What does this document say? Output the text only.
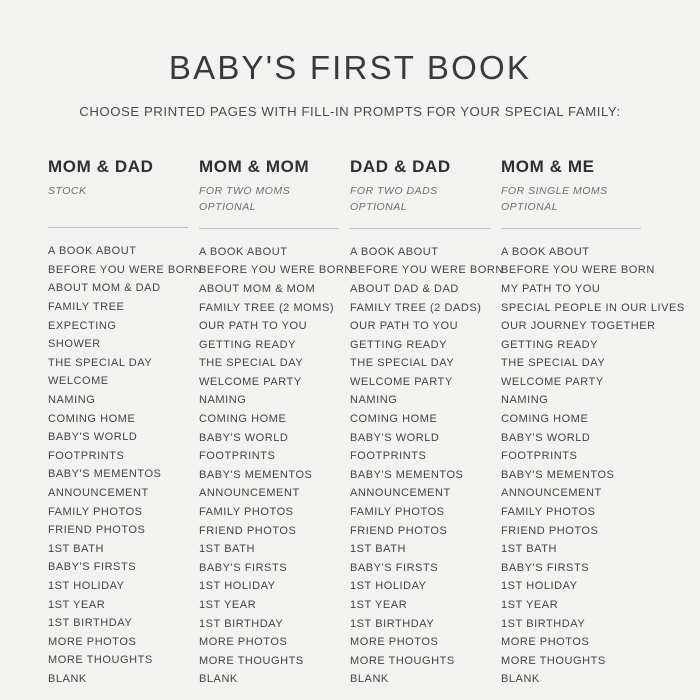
BABY'S FIRST BOOK
CHOOSE PRINTED PAGES WITH FILL-IN PROMPTS FOR YOUR SPECIAL FAMILY:
MOM & DAD
STOCK
A BOOK ABOUT
BEFORE YOU WERE BORN
ABOUT MOM & DAD
FAMILY TREE
EXPECTING
SHOWER
THE SPECIAL DAY
WELCOME
NAMING
COMING HOME
BABY'S WORLD
FOOTPRINTS
BABY'S MEMENTOS
ANNOUNCEMENT
FAMILY PHOTOS
FRIEND PHOTOS
1ST BATH
BABY'S FIRSTS
1ST HOLIDAY
1ST YEAR
1ST BIRTHDAY
MORE PHOTOS
MORE THOUGHTS
BLANK
MOM & MOM
FOR TWO MOMS
OPTIONAL
A BOOK ABOUT
BEFORE YOU WERE BORN
ABOUT MOM & MOM
FAMILY TREE (2 MOMS)
OUR PATH TO YOU
GETTING READY
THE SPECIAL DAY
WELCOME PARTY
NAMING
COMING HOME
BABY'S WORLD
FOOTPRINTS
BABY'S MEMENTOS
ANNOUNCEMENT
FAMILY PHOTOS
FRIEND PHOTOS
1ST BATH
BABY'S FIRSTS
1ST HOLIDAY
1ST YEAR
1ST BIRTHDAY
MORE PHOTOS
MORE THOUGHTS
BLANK
DAD & DAD
FOR TWO DADS
OPTIONAL
A BOOK ABOUT
BEFORE YOU WERE BORN
ABOUT DAD & DAD
FAMILY TREE (2 DADS)
OUR PATH TO YOU
GETTING READY
THE SPECIAL DAY
WELCOME PARTY
NAMING
COMING HOME
BABY'S WORLD
FOOTPRINTS
BABY'S MEMENTOS
ANNOUNCEMENT
FAMILY PHOTOS
FRIEND PHOTOS
1ST BATH
BABY'S FIRSTS
1ST HOLIDAY
1ST YEAR
1ST BIRTHDAY
MORE PHOTOS
MORE THOUGHTS
BLANK
MOM & ME
FOR SINGLE MOMS
OPTIONAL
A BOOK ABOUT
BEFORE YOU WERE BORN
MY PATH TO YOU
SPECIAL PEOPLE IN OUR LIVES
OUR JOURNEY TOGETHER
GETTING READY
THE SPECIAL DAY
WELCOME PARTY
NAMING
COMING HOME
BABY'S WORLD
FOOTPRINTS
BABY'S MEMENTOS
ANNOUNCEMENT
FAMILY PHOTOS
FRIEND PHOTOS
1ST BATH
BABY'S FIRSTS
1ST HOLIDAY
1ST YEAR
1ST BIRTHDAY
MORE PHOTOS
MORE THOUGHTS
BLANK
